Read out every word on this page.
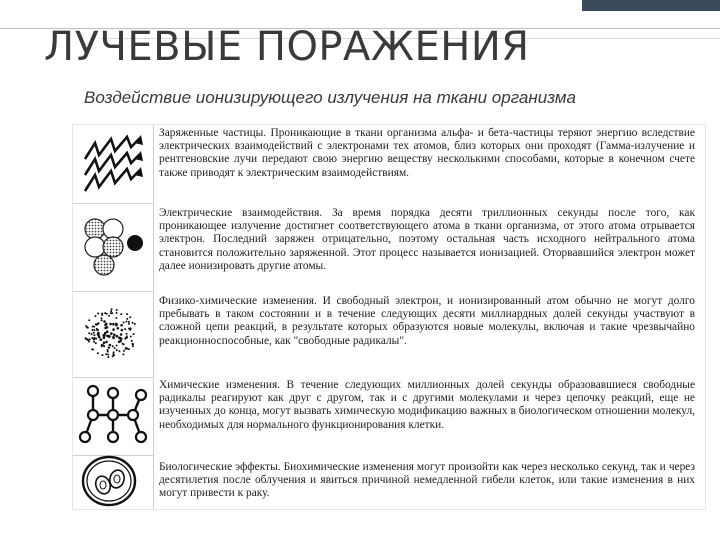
ЛУЧЕВЫЕ ПОРАЖЕНИЯ
Воздействие ионизирующего излучения на ткани организма
Заряженные частицы. Проникающие в ткани организма альфа- и бета-частицы теряют энергию вследствие электрических взаимодействий с электронами тех атомов, близ которых они проходят (Гамма-излучение и рентгеновские лучи передают свою энергию веществу несколькими способами, которые в конечном счете также приводят к электрическим взаимодействиям.
Электрические взаимодействия. За время порядка десяти триллионных секунды после того, как проникающее излучение достигнет соответствующего атома в ткани организма, от этого атома отрывается электрон. Последний заряжен отрицательно, поэтому остальная часть исходного нейтрального атома становится положительно заряженной. Этот процесс называется ионизацией. Оторвавшийся электрон может далее ионизировать другие атомы.
Физико-химические изменения. И свободный электрон, и ионизированный атом обычно не могут долго пребывать в таком состоянии и в течение следующих десяти миллиардных долей секунды участвуют в сложной цепи реакций, в результате которых образуются новые молекулы, включая и такие чрезвычайно реакционноспособные, как "свободные радикалы".
Химические изменения. В течение следующих миллионных долей секунды образовавшиеся свободные радикалы реагируют как друг с другом, так и с другими молекулами и через цепочку реакций, еще не изученных до конца, могут вызвать химическую модификацию важных в биологическом отношении молекул, необходимых для нормального функционирования клетки.
Биологические эффекты. Биохимические изменения могут произойти как через несколько секунд, так и через десятилетия после облучения и явиться причиной немедленной гибели клеток, или такие изменения в них могут привести к раку.
